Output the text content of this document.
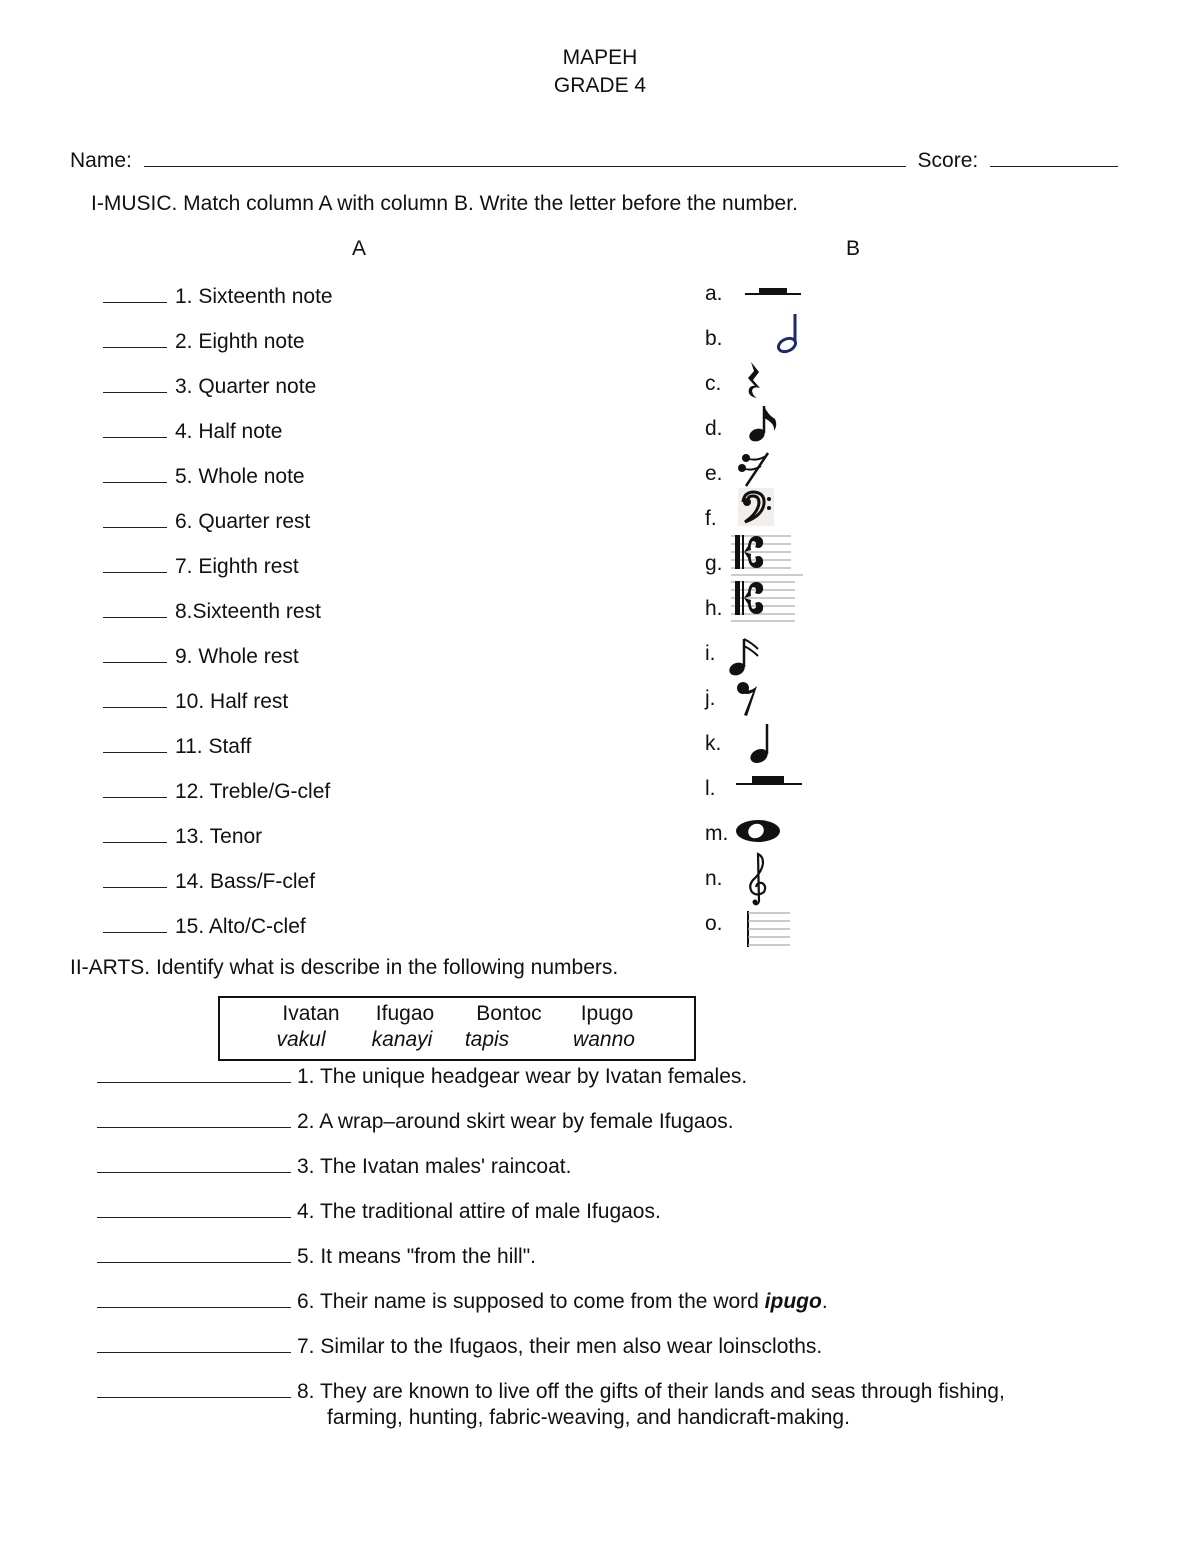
MAPEH
GRADE 4
Name:	Score:
I-MUSIC. Match column A with column B. Write the letter before the number.
A	B
1. Sixteenth note
2. Eighth note
3. Quarter note
4. Half note
5. Whole note
6. Quarter rest
7. Eighth rest
8.Sixteenth rest
9. Whole rest
10. Half rest
11. Staff
12. Treble/G-clef
13. Tenor
14. Bass/F-clef
15. Alto/C-clef
a.
b.
c.
d.
e.
f.
g.
h.
i.
j.
k.
l.
m.
n.
o.
II-ARTS. Identify what is describe in the following numbers.
Ivatan	Ifugao	Bontoc	Ipugo
vakul	kanayi	tapis	wanno
1. The unique headgear wear by Ivatan females.
2. A wrap–around skirt wear by female Ifugaos.
3. The Ivatan males' raincoat.
4. The traditional attire of male Ifugaos.
5. It means "from the hill".
6. Their name is supposed to come from the word ipugo.
7. Similar to the Ifugaos, their men also wear loinscloths.
8. They are known to live off the gifts of their lands and seas through fishing,
farming, hunting, fabric-weaving, and handicraft-making.
